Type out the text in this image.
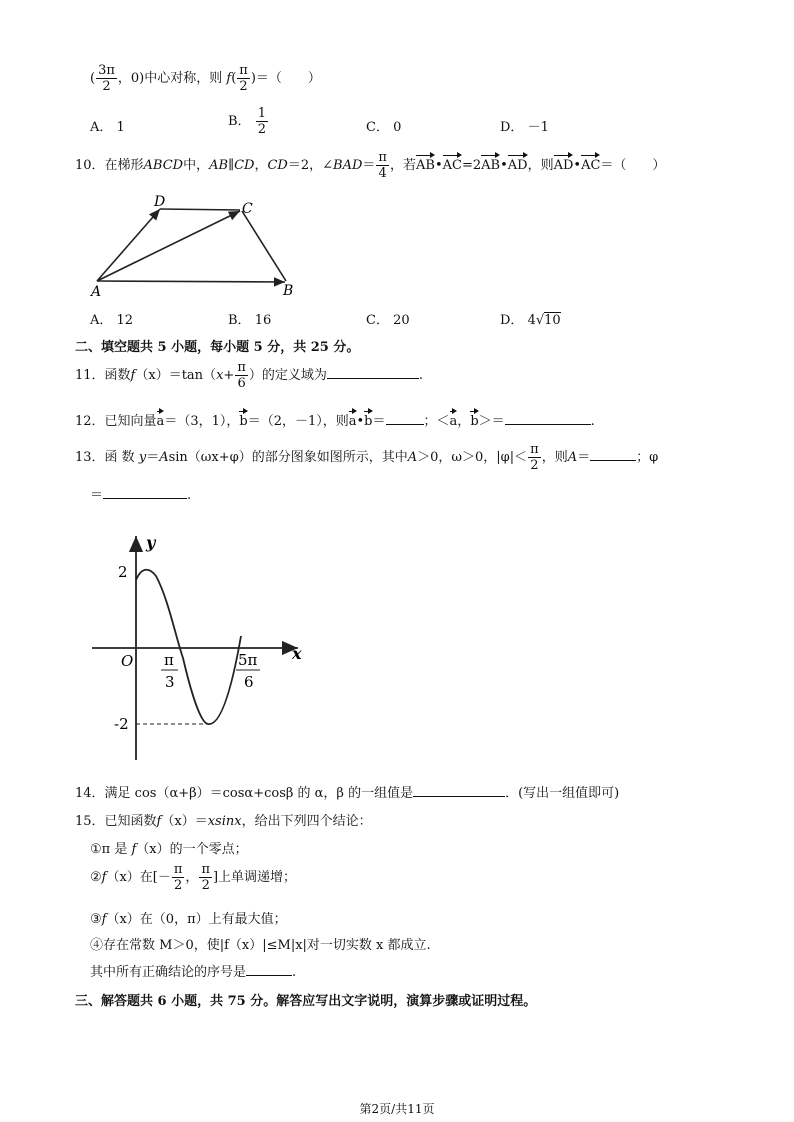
( $\frac{3\pi}{2}$ ，0)中心对称，则 $f( \frac{\pi}{2}$ )＝（　　）
A． 1	B． $\frac{1}{2}$	C． 0	D． －1
10．在梯形ABCD中，AB∥CD，CD＝2，∠BAD＝ $\frac{\pi}{4}$ ，若AB•AC=2AB•AD，则AD•AC＝（　　）
D	C
A	B
A． 12	B． 16	C． 20	D． 4√10
二、填空题共 5 小题，每小题 5 分，共 25 分。
11．函数$f(x)=\tan(x+ \frac{\pi}{6}$ ）的定义域为	.
12．已知向量a＝（3，1），b＝（2，－1），则a•b＝	；＜a，b＞＝	.
13．函 数 y＝Asin（ωx+φ）的部分图象如图所示，其中A＞0，ω＞0，$|\varphi|< \frac{\pi}{2}$ ，则A＝	；φ
＝	.
y
x
O
2
-2
π
3
5π
6
14．满足 cos（α+β）＝cosα+cosβ 的 α，β 的一组值是	．(写出一组值即可)
15．已知函数f（x）＝xsinx，给出下列四个结论：
①π 是 f（x）的一个零点；
②f（x）在[－ $\frac{\pi}{2}$ ， $\frac{\pi}{2}$ ]上单调递增；
③f（x）在（0，π）上有最大值；
④存在常数 M＞0，使|f（x）|≤M|x|对一切实数 x 都成立.
其中所有正确结论的序号是	.
三、解答题共 6 小题，共 75 分。解答应写出文字说明，演算步骤或证明过程。
第2页/共11页
